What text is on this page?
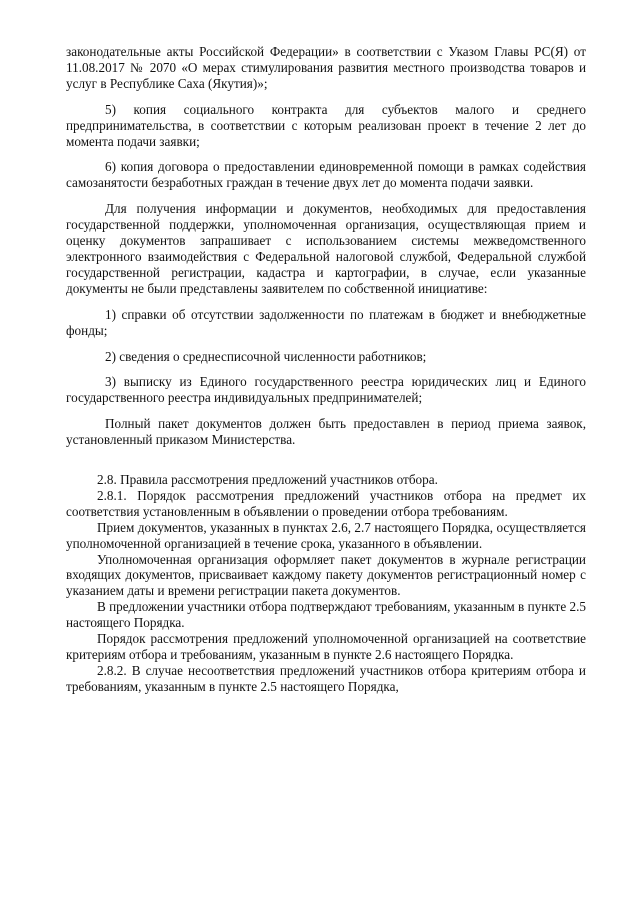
законодательные акты Российской Федерации» в соответствии с Указом Главы РС(Я) от 11.08.2017 № 2070 «О мерах стимулирования развития местного производства товаров и услуг в Республике Саха (Якутия)»;

5) копия социального контракта для субъектов малого и среднего предпринимательства, в соответствии с которым реализован проект в течение 2 лет до момента подачи заявки;

6) копия договора о предоставлении единовременной помощи в рамках содействия самозанятости безработных граждан в течение двух лет до момента подачи заявки.

Для получения информации и документов, необходимых для предоставления государственной поддержки, уполномоченная организация, осуществляющая прием и оценку документов запрашивает с использованием системы межведомственного электронного взаимодействия с Федеральной налоговой службой, Федеральной службой государственной регистрации, кадастра и картографии, в случае, если указанные документы не были представлены заявителем по собственной инициативе:

1) справки об отсутствии задолженности по платежам в бюджет и внебюджетные фонды;

2) сведения о среднесписочной численности работников;

3) выписку из Единого государственного реестра юридических лиц и Единого государственного реестра индивидуальных предпринимателей;

Полный пакет документов должен быть предоставлен в период приема заявок, установленный приказом Министерства.

2.8. Правила рассмотрения предложений участников отбора.

2.8.1. Порядок рассмотрения предложений участников отбора на предмет их соответствия установленным в объявлении о проведении отбора требованиям.

Прием документов, указанных в пунктах 2.6, 2.7 настоящего Порядка, осуществляется уполномоченной организацией в течение срока, указанного в объявлении.

Уполномоченная организация оформляет пакет документов в журнале регистрации входящих документов, присваивает каждому пакету документов регистрационный номер с указанием даты и времени регистрации пакета документов.

В предложении участники отбора подтверждают требованиям, указанным в пункте 2.5 настоящего Порядка.

Порядок рассмотрения предложений уполномоченной организацией на соответствие критериям отбора и требованиям, указанным в пункте 2.6 настоящего Порядка.

2.8.2. В случае несоответствия предложений участников отбора критериям отбора и требованиям, указанным в пункте 2.5 настоящего Порядка,
